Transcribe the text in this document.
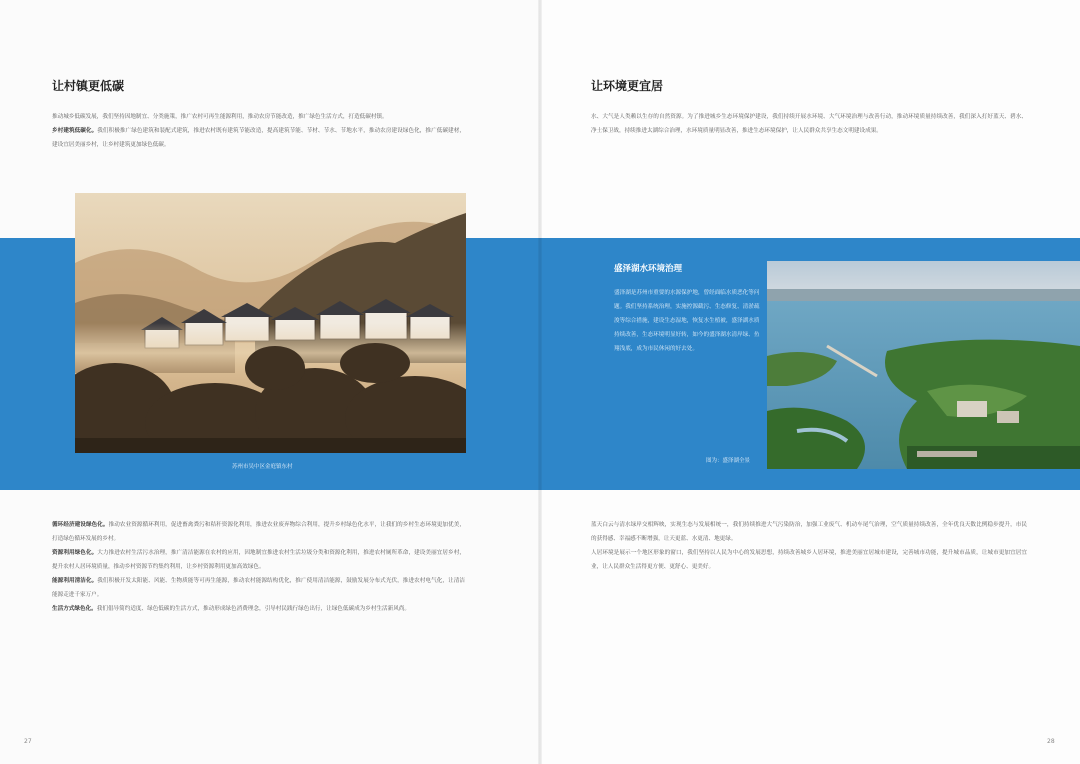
让村镇更低碳
推动城乡低碳发展，我们坚持因地制宜、分类施策，推广农村可再生能源利用，推动农房节能改造，推广绿色生活方式，打造低碳村镇。
乡村建筑低碳化。我们积极推广绿色建筑和装配式建筑，推进农村既有建筑节能改造，提高建筑节能、节材、节水、节地水平，推动农房建设绿色化，推广低碳建材，建设宜居美丽乡村，让乡村建筑更加绿色低碳。
苏州市吴中区金庭镇东村
让环境更宜居
水、大气是人类赖以生存的自然资源。为了推进城乡生态环境保护建设，我们持续开展水环境、大气环境治理与改善行动，推动环境质量持续改善，我们深入打好蓝天、碧水、净土保卫战，持续推进太湖综合治理，水环境质量明显改善，推进生态环境保护，让人民群众共享生态文明建设成果。
盛泽湖水环境治理
盛泽湖是苏州市重要的水源保护地，曾经面临水质恶化等问题。我们坚持系统治理，实施控源截污、生态修复、清淤疏浚等综合措施，建设生态湿地，恢复水生植被，盛泽湖水质持续改善，生态环境明显好转，如今的盛泽湖水清岸绿、鱼翔浅底，成为市民休闲的好去处。
图为：盛泽湖全景
循环经济建设绿色化。推动农业资源循环利用，促进畜禽粪污和秸秆资源化利用，推进农业废弃物综合利用，提升乡村绿色化水平，让我们的乡村生态环境更加优美，打造绿色循环发展的乡村。
资源利用绿色化。大力推进农村生活污水治理，推广清洁能源在农村的应用，因地制宜推进农村生活垃圾分类和资源化利用，推进农村厕所革命，建设美丽宜居乡村，提升农村人居环境质量，推动乡村资源节约集约利用，让乡村资源利用更加高效绿色。
能源利用清洁化。我们积极开发太阳能、风能、生物质能等可再生能源，推动农村能源结构优化，推广使用清洁能源，鼓励发展分布式光伏，推进农村电气化，让清洁能源走进千家万户。
生活方式绿色化。我们倡导简约适度、绿色低碳的生活方式，推动形成绿色消费理念，引导村民践行绿色出行，让绿色低碳成为乡村生活新风尚。
蓝天白云与清水绿岸交相辉映，实现生态与发展相统一，我们持续推进大气污染防治，加强工业废气、机动车尾气治理，空气质量持续改善，全年优良天数比例稳步提升，市民的获得感、幸福感不断增强，让天更蓝、水更清、地更绿。
人居环境是展示一个地区形象的窗口，我们坚持以人民为中心的发展思想，持续改善城乡人居环境，推进美丽宜居城市建设，完善城市功能，提升城市品质，让城市更加宜居宜业，让人民群众生活得更方便、更舒心、更美好。
27	28
